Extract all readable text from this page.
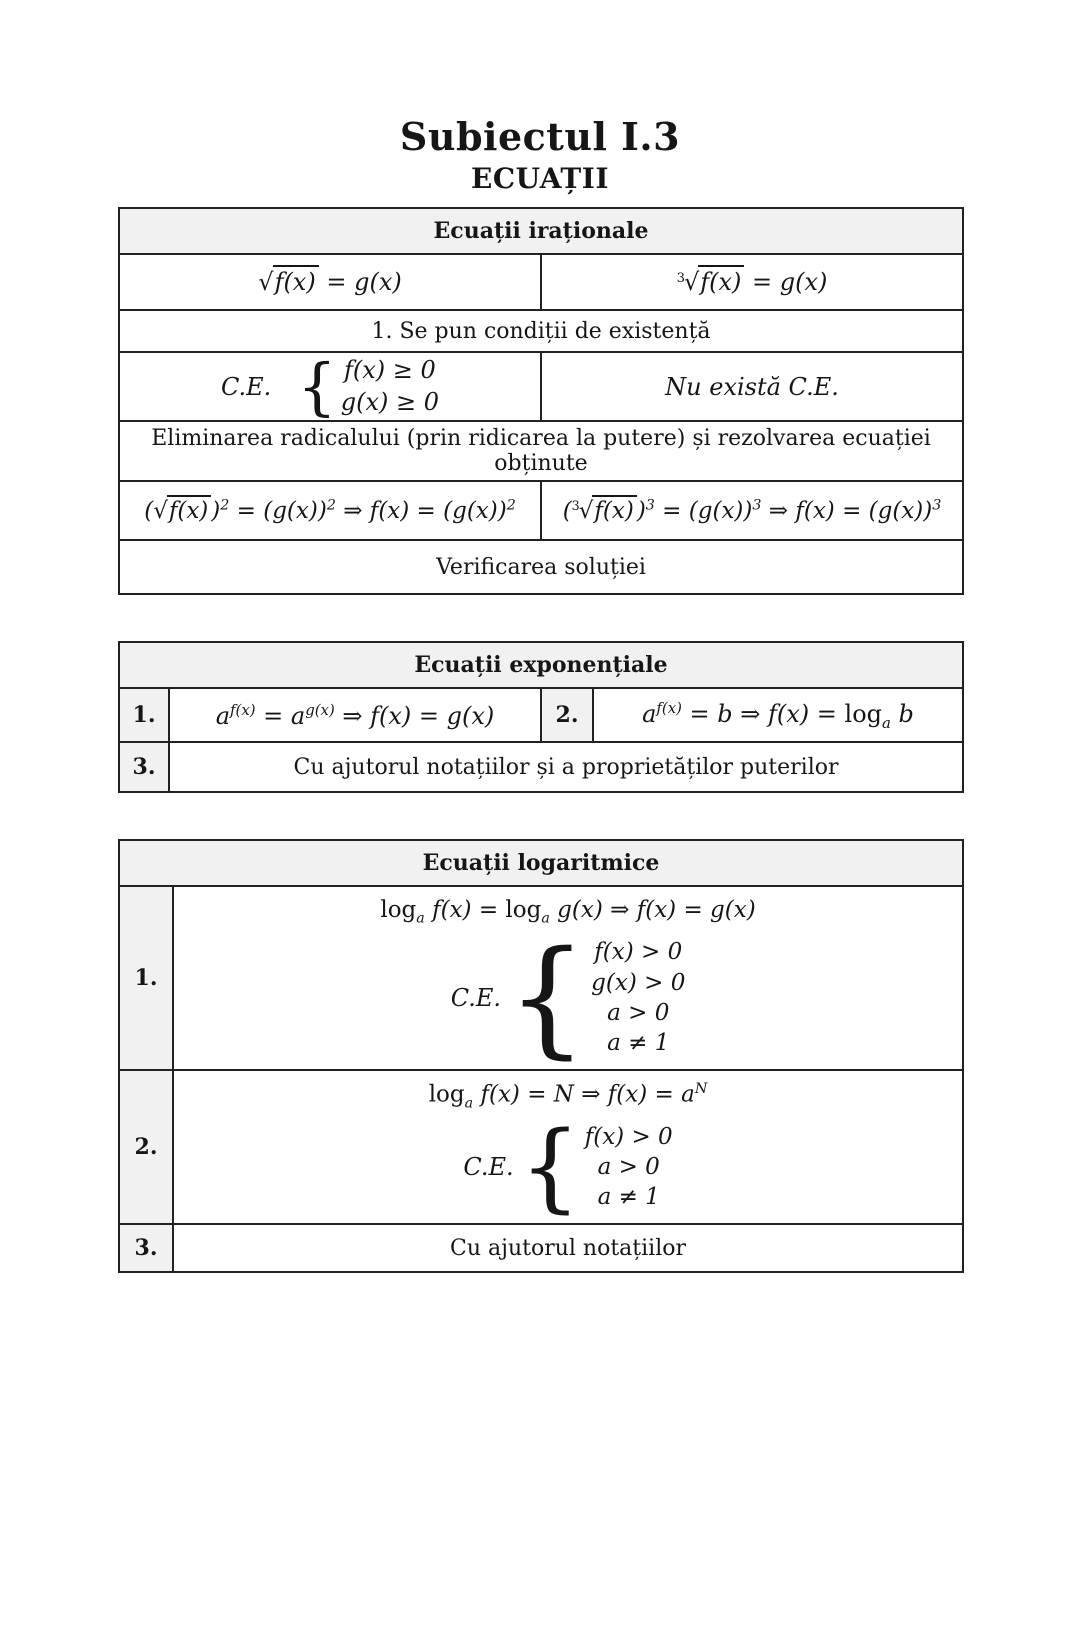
Subiectul I.3
ECUAȚII
Ecuații iraționale	
√f(x) = g(x)	$^3$√f(x) = g(x)
1. Se pun condiții de existență	

C.E. { f(x) ≥ 0
g(x) ≥ 0	Nu există C.E.
Eliminarea radicalului (prin ridicarea la putere) și rezolvarea ecuației obținute	
(√f(x) )$^2 = (g(x))^2$ ⇒ $f(x) = (g(x))^2$	($^3$√f(x) )$^3 = (g(x))^3$ ⇒ $f(x) = (g(x))^3$
Verificarea soluției	
Ecuații exponențiale			
1.	$a^{f(x)} = a^{g(x)}$ ⇒ f(x) = g(x)	2.	$a^{f(x)} = b$ ⇒ $f(x) = \log_a b$
3.	Cu ajutorul notațiilor și a proprietăților puterilor		
Ecuații logaritmice	
1.	
$\log_a f(x) = \log_a g(x)$ ⇒ f(x) = g(x)
C.E. { f(x) > 0
g(x) > 0
a > 0
a ≠ 1

2.	
$\log_a f(x) = N$ ⇒ $f(x) = a^N$
C.E. { f(x) > 0
a > 0
a ≠ 1

3.	Cu ajutorul notațiilor
